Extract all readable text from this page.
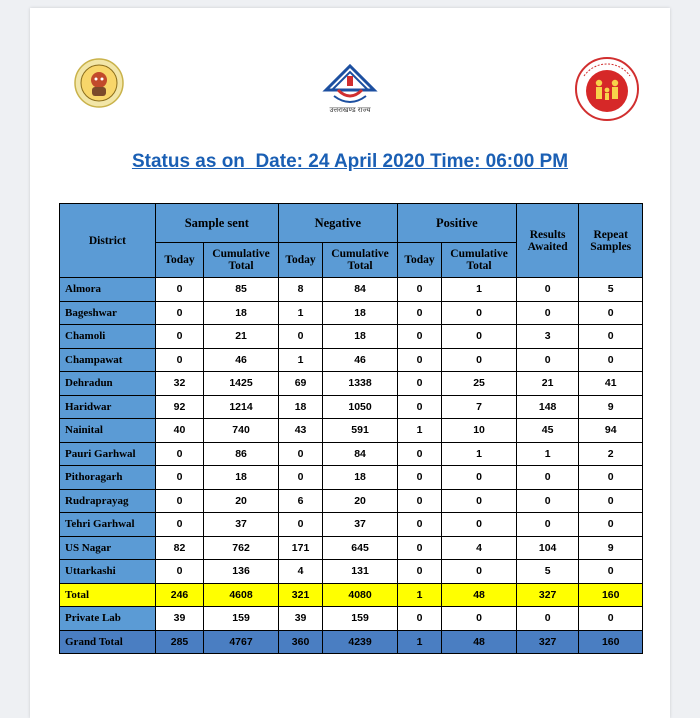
उत्तराखण्ड राज्य
Status as on  Date: 24 April 2020 Time: 06:00 PM
District	Sample sent		Negative		Positive		Results Awaited	Repeat Samples
	Today	Cumulative Total	Today	Cumulative Total	Today	Cumulative Total		
Almora	0	85	8	84	0	1	0	5
Bageshwar	0	18	1	18	0	0	0	0
Chamoli	0	21	0	18	0	0	3	0
Champawat	0	46	1	46	0	0	0	0
Dehradun	32	1425	69	1338	0	25	21	41
Haridwar	92	1214	18	1050	0	7	148	9
Nainital	40	740	43	591	1	10	45	94
Pauri Garhwal	0	86	0	84	0	1	1	2
Pithoragarh	0	18	0	18	0	0	0	0
Rudraprayag	0	20	6	20	0	0	0	0
Tehri Garhwal	0	37	0	37	0	0	0	0
US Nagar	82	762	171	645	0	4	104	9
Uttarkashi	0	136	4	131	0	0	5	0
Total	246	4608	321	4080	1	48	327	160
Private Lab	39	159	39	159	0	0	0	0
Grand Total	285	4767	360	4239	1	48	327	160
